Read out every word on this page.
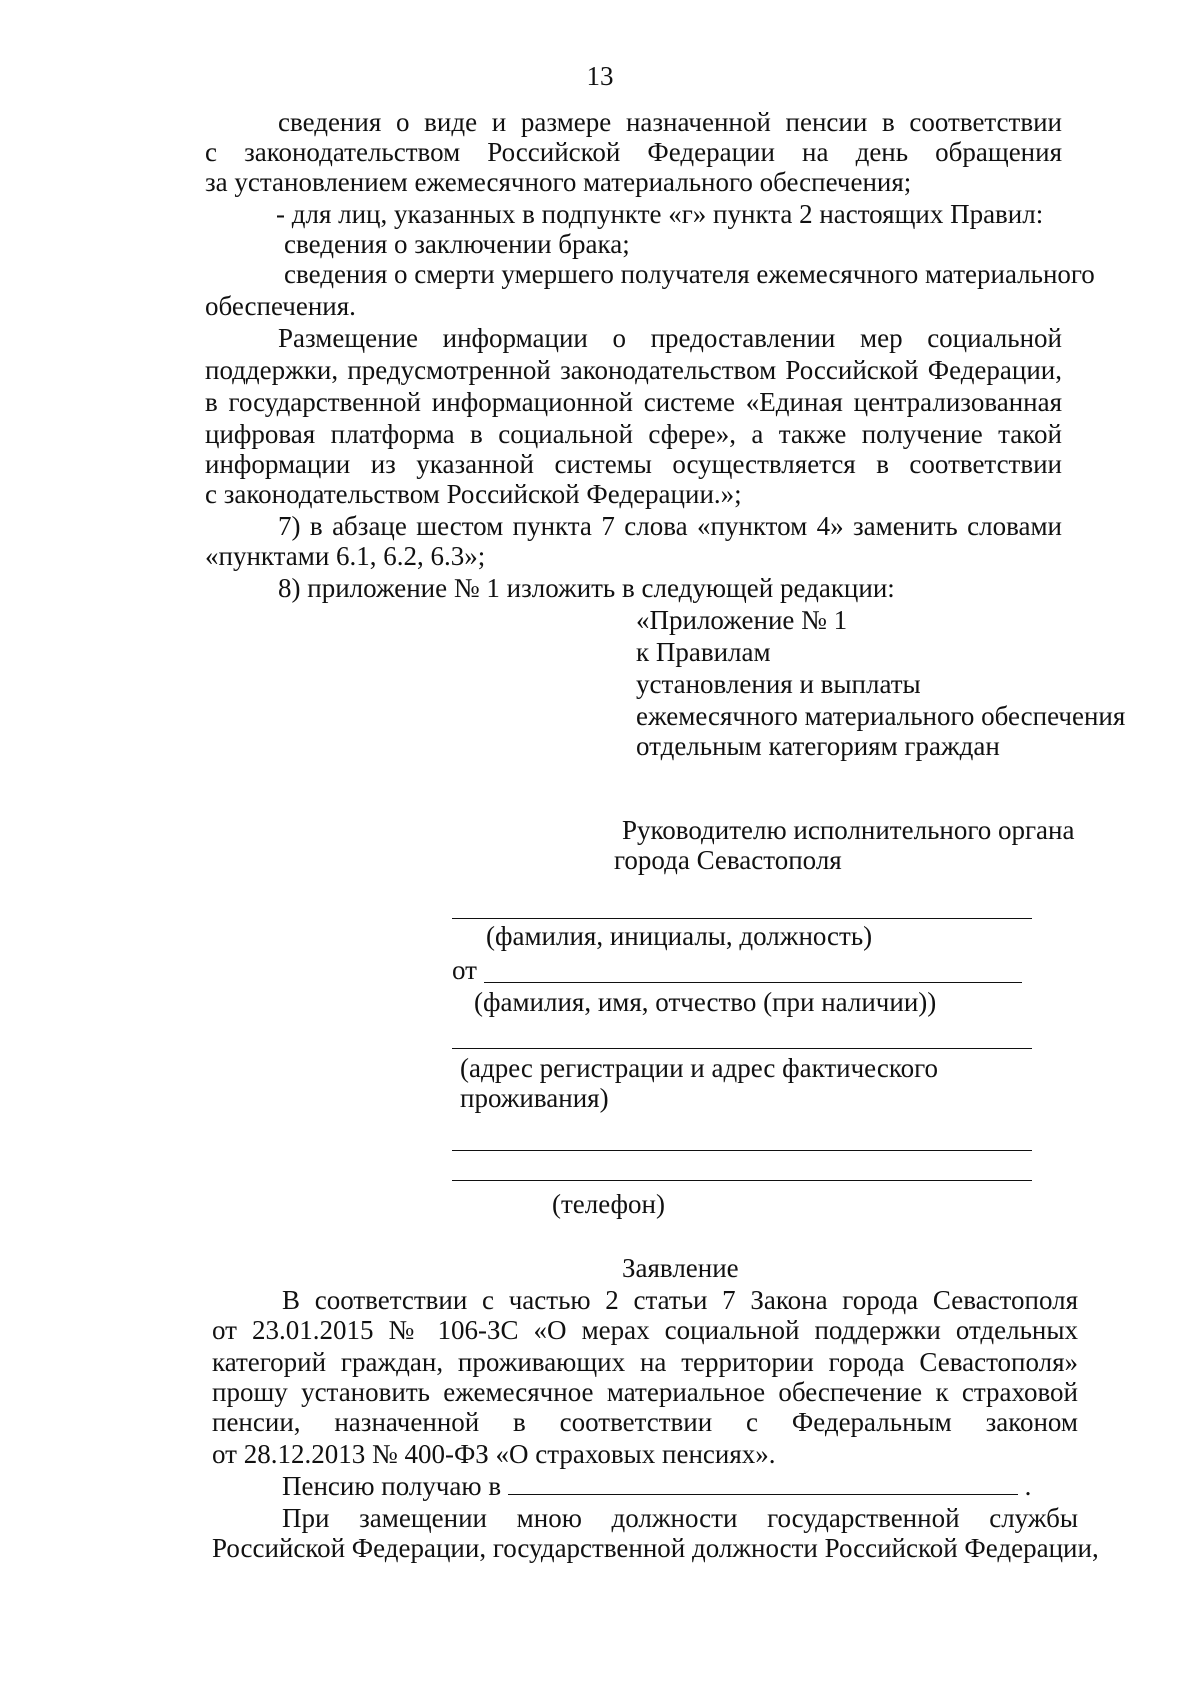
13
сведения о виде и размере назначенной пенсии в соответствии
с законодательством Российской Федерации на день обращения
за установлением ежемесячного материального обеспечения;
- для лиц, указанных в подпункте «г» пункта 2 настоящих Правил:
сведения о заключении брака;
сведения о смерти умершего получателя ежемесячного материального
обеспечения.
Размещение информации о предоставлении мер социальной
поддержки, предусмотренной законодательством Российской Федерации,
в государственной информационной системе «Единая централизованная
цифровая платформа в социальной сфере», а также получение такой
информации из указанной системы осуществляется в соответствии
с законодательством Российской Федерации.»;
7) в абзаце шестом пункта 7 слова «пунктом 4» заменить словами
«пунктами 6.1, 6.2, 6.3»;
8) приложение № 1 изложить в следующей редакции:
«Приложение № 1
к Правилам
установления и выплаты
ежемесячного материального обеспечения
отдельным категориям граждан
Руководителю исполнительного органа
города Севастополя
(фамилия, инициалы, должность)
от
(фамилия, имя, отчество (при наличии))
(адрес регистрации и адрес фактического
проживания)
(телефон)
Заявление
В соответствии с частью 2 статьи 7 Закона города Севастополя
от 23.01.2015 № 106-ЗС «О мерах социальной поддержки отдельных
категорий граждан, проживающих на территории города Севастополя»
прошу установить ежемесячное материальное обеспечение к страховой
пенсии, назначенной в соответствии с Федеральным законом
от 28.12.2013 № 400-ФЗ «О страховых пенсиях».
Пенсию получаю в	.
При замещении мною должности государственной службы
Российской Федерации, государственной должности Российской Федерации,
